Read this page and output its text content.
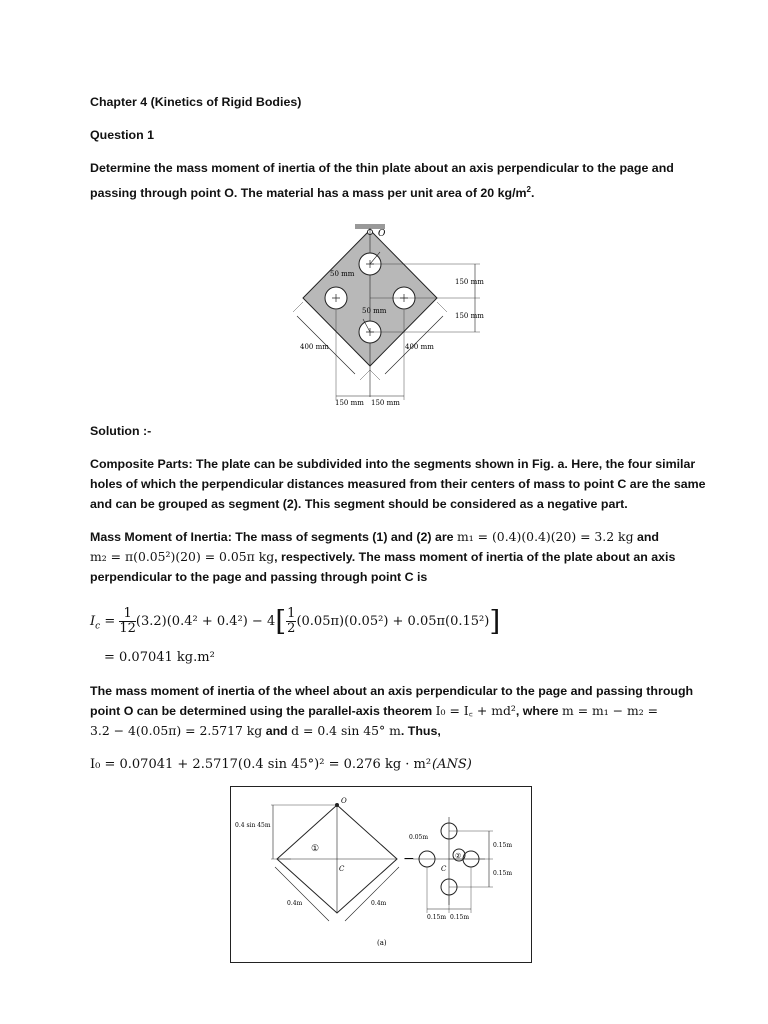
Chapter 4 (Kinetics of Rigid Bodies)
Question 1
Determine the mass moment of inertia of the thin plate about an axis perpendicular to the page and
passing through point O. The material has a mass per unit area of 20 $kg/m^2$.
O
50 mm
50 mm
150 mm
150 mm
400 mm	400 mm
150 mm 150 mm
Solution :-
Composite Parts: The plate can be subdivided into the segments shown in Fig. a. Here, the four similar
holes of which the perpendicular distances measured from their centers of mass to point C are the same
and can be grouped as segment (2). This segment should be considered as a negative part.
Mass Moment of Inertia: The mass of segments (1) and (2) are m₁ = (0.4)(0.4)(20) = 3.2 kg and
m₂ = π(0.05²)(20) = 0.05π kg, respectively. The mass moment of inertia of the plate about an axis
perpendicular to the page and passing through point C is
$I_c = \frac{1}{12} (3.2)(0.4^2 + 0.4^2) - 4[ \frac{1}{2} (0.05\pi)(0.05^2) + 0.05\pi(0.15^2)]$
= 0.07041 kg.m²
The mass moment of inertia of the wheel about an axis perpendicular to the page and passing through
point O can be determined using the parallel-axis theorem I₀ = I꜀ + md², where m = m₁ − m₂ =
3.2 − 4(0.05π) = 2.5717 kg and d = 0.4 sin 45° m. Thus,
I₀ = 0.07041 + 2.5717(0.4 sin 45°)² = 0.276 kg · m² (ANS)
O
0.4 sin 45m
①
C
0.4m	0.4m
−
0.05m
0.15m
0.15m
0.15m 0.15m
②
C
(a)
